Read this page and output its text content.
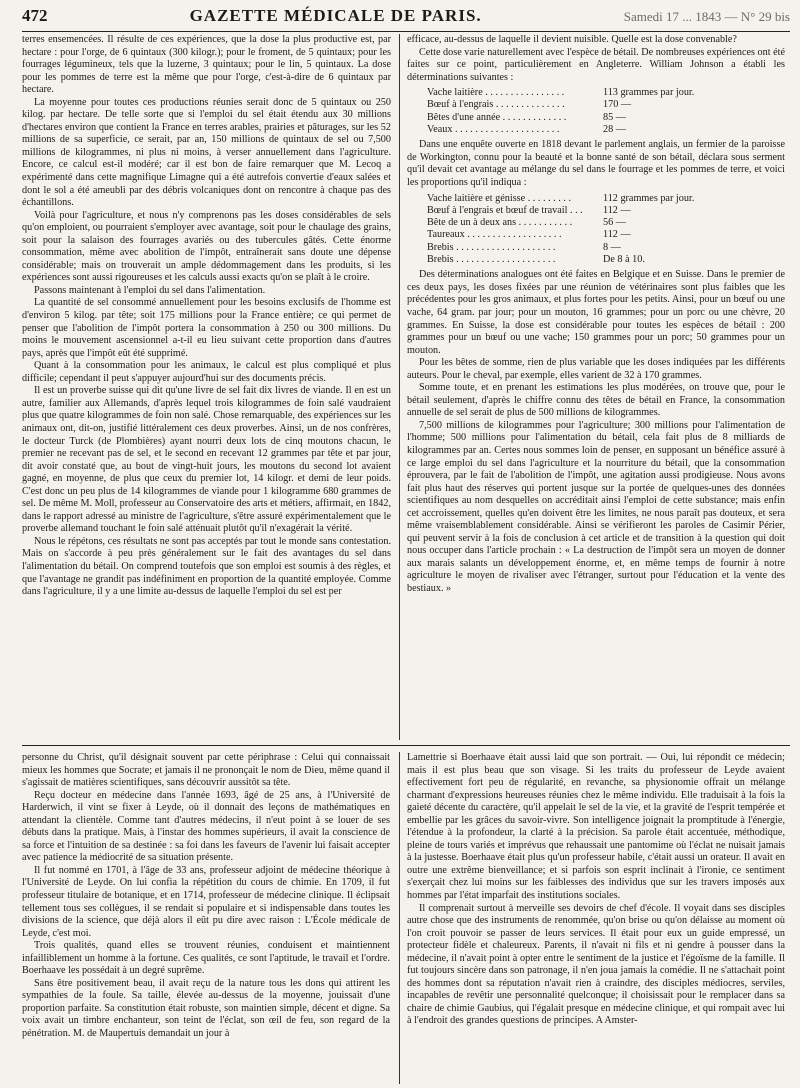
472	GAZETTE MÉDICALE DE PARIS.	Samedi 17 ... 1843 — N° 29 bis

terres ensemencées. Il résulte de ces expériences, que la dose la plus productive est, par hectare : pour l'orge, de 6 quintaux (300 kilogr.); pour le froment, de 5 quintaux; pour les fourrages légumineux, tels que la luzerne, 3 quintaux; pour le lin, 5 quintaux. La dose pour les pommes de terre est la même que pour l'orge, c'est-à-dire de 6 quintaux par hectare.

La moyenne pour toutes ces productions réunies serait donc de 5 quintaux ou 250 kilog. par hectare. De telle sorte que si l'emploi du sel était étendu aux 30 millions d'hectares environ que contient la France en terres arables, prairies et pâturages, sur les 52 millions de sa superficie, ce serait, par an, 150 millions de quintaux de sel ou 7,500 millions de kilogrammes, ni plus ni moins, à verser annuellement dans l'agriculture. Encore, ce calcul est-il modéré; car il est bon de faire remarquer que M. Lecoq a expérimenté dans cette magnifique Limagne qui a été autrefois convertie d'eaux salées et dont le sol a été ameubli par des débris volcaniques dont on rencontre à chaque pas des échantillons.

Voilà pour l'agriculture, et nous n'y comprenons pas les doses considérables de sels qu'on emploient, ou pourraient s'employer avec avantage, soit pour le chaulage des grains, soit pour la salaison des fourrages avariés ou des tubercules gâtés. Cette énorme consommation, même avec abolition de l'impôt, entraînerait sans doute une dépense considérable; mais on trouverait un ample dédommagement dans les produits, si les expériences sont aussi rigoureuses et les calculs aussi exacts qu'on se plaît à le croire.

Passons maintenant à l'emploi du sel dans l'alimentation.

La quantité de sel consommé annuellement pour les besoins exclusifs de l'homme est d'environ 5 kilog. par tête; soit 175 millions pour la France entière; ce qui permet de penser que l'abolition de l'impôt portera la consommation à 250 ou 300 millions. Du moins le mouvement ascensionnel a-t-il eu lieu suivant cette proportion dans d'autres pays, après que l'impôt eût été supprimé.

Quant à la consommation pour les animaux, le calcul est plus compliqué et plus difficile; cependant il peut s'appuyer aujourd'hui sur des documents précis.

Il est un proverbe suisse qui dit qu'une livre de sel fait dix livres de viande. Il en est un autre, familier aux Allemands, d'après lequel trois kilogrammes de foin salé vaudraient plus que quatre kilogrammes de foin non salé. Chose remarquable, des expériences sur les animaux ont, dit-on, justifié littéralement ces deux proverbes. Ainsi, un de nos confrères, le docteur Turck (de Plombières) ayant nourri deux lots de cinq moutons chacun, le premier ne recevant pas de sel, et le second en recevant 12 grammes par tête et par jour, dit avoir constaté que, au bout de vingt-huit jours, les moutons du second lot avaient gagné, en moyenne, de plus que ceux du premier lot, 14 kilogr. et demi de leur poids. C'est donc un peu plus de 14 kilogrammes de viande pour 1 kilogramme 680 grammes de sel. De même M. Moll, professeur au Conservatoire des arts et métiers, affirmait, en 1842, dans le rapport adressé au ministre de l'agriculture, s'être assuré expérimentalement que le proverbe allemand touchant le foin salé atténuait plutôt qu'il n'exagérait la vérité.

Nous le répétons, ces résultats ne sont pas acceptés par tout le monde sans contestation. Mais on s'accorde à peu près généralement sur le fait des avantages du sel dans l'alimentation du bétail. On comprend toutefois que son emploi est soumis à des règles, et que l'avantage ne grandit pas indéfiniment en proportion de la quantité employée. Comme dans l'agriculture, il y a une limite au-dessus de laquelle l'emploi du sel est per

efficace, au-dessus de laquelle il devient nuisible. Quelle est la dose convenable?

Cette dose varie naturellement avec l'espèce de bétail. De nombreuses expériences ont été faites sur ce point, particulièrement en Angleterre. William Johnson a établi les déterminations suivantes :

Vache laitière . . . . . . . . . . . . . . . .	113 grammes par jour.
Bœuf à l'engrais . . . . . . . . . . . . . .	170 —
Bêtes d'une année . . . . . . . . . . . . .	85 —
Veaux . . . . . . . . . . . . . . . . . . . . .	28 —

Dans une enquête ouverte en 1818 devant le parlement anglais, un fermier de la paroisse de Workington, connu pour la beauté et la bonne santé de son bétail, déclara sous serment qu'il devait cet avantage au mélange du sel dans le fourrage et les pommes de terre, et voici les proportions qu'il indiqua :

Vache laitière et génisse . . . . . . . . .	112 grammes par jour.
Bœuf à l'engrais et bœuf de travail . . .	112 —
Bête de un à deux ans . . . . . . . . . . .	56 —
Taureaux . . . . . . . . . . . . . . . . . . .	112 —
Brebis . . . . . . . . . . . . . . . . . . . .	8 —
Brebis . . . . . . . . . . . . . . . . . . . .	De 8 à 10.

Des déterminations analogues ont été faites en Belgique et en Suisse. Dans le premier de ces deux pays, les doses fixées par une réunion de vétérinaires sont plus faibles que les précédentes pour les gros animaux, et plus fortes pour les petits. Ainsi, pour un bœuf ou une vache, 64 gram. par jour; pour un mouton, 16 grammes; pour un porc ou une chèvre, 20 grammes. En Suisse, la dose est considérable pour toutes les espèces de bétail : 200 grammes pour un bœuf ou une vache; 150 grammes pour un porc; 50 grammes pour un mouton.

Pour les bêtes de somme, rien de plus variable que les doses indiquées par les différents auteurs. Pour le cheval, par exemple, elles varient de 32 à 170 grammes.

Somme toute, et en prenant les estimations les plus modérées, on trouve que, pour le bétail seulement, d'après le chiffre connu des têtes de bétail en France, la consommation annuelle de sel serait de plus de 500 millions de kilogrammes.

7,500 millions de kilogrammes pour l'agriculture; 300 millions pour l'alimentation de l'homme; 500 millions pour l'alimentation du bétail, cela fait plus de 8 milliards de kilogrammes par an. Certes nous sommes loin de penser, en supposant un bénéfice assuré à ce large emploi du sel dans l'agriculture et la nourriture du bétail, que la consommation éprouvera, par le fait de l'abolition de l'impôt, une agitation aussi prodigieuse. Nous avons fait plus haut des réserves qui portent jusque sur la portée de quelques-unes des données scientifiques au nom desquelles on accréditait ainsi l'emploi de cette substance; mais enfin cet accroissement, quelles qu'en doivent être les limites, ne nous paraît pas douteux, et sera même vraisemblablement considérable. Ainsi se vérifieront les paroles de Casimir Périer, qui peuvent servir à la fois de conclusion à cet article et de transition à la question qui doit nous occuper dans l'article prochain : « La destruction de l'impôt sera un moyen de donner aux marais salants un développement énorme, et, en même temps de fournir à notre agriculture le moyen de rivaliser avec l'étranger, surtout pour l'éducation et la vente des bestiaux. »

personne du Christ, qu'il désignait souvent par cette périphrase : Celui qui connaissait mieux les hommes que Socrate; et jamais il ne prononçait le nom de Dieu, même quand il s'agissait de matières scientifiques, sans découvrir aussitôt sa tête.

Reçu docteur en médecine dans l'année 1693, âgé de 25 ans, à l'Université de Harderwich, il vint se fixer à Leyde, où il donnait des leçons de mathématiques en attendant la clientèle. Comme tant d'autres médecins, il n'eut point à se louer de ses débuts dans la pratique. Mais, à l'instar des hommes supérieurs, il avait la conscience de sa force et l'intuition de sa destinée : sa foi dans les faveurs de l'avenir lui faisait accepter avec patience la médiocrité de sa situation présente.

Il fut nommé en 1701, à l'âge de 33 ans, professeur adjoint de médecine théorique à l'Université de Leyde. On lui confia la répétition du cours de chimie. En 1709, il fut professeur titulaire de botanique, et en 1714, professeur de médecine clinique. Il éclipsait tellement tous ses collègues, il se rendait si populaire et si indispensable dans toutes les divisions de la science, que déjà alors il eût pu dire avec raison : L'École médicale de Leyde, c'est moi.

Trois qualités, quand elles se trouvent réunies, conduisent et maintiennent infailliblement un homme à la fortune. Ces qualités, ce sont l'aptitude, le travail et l'ordre. Boerhaave les possédait à un degré suprême.

Sans être positivement beau, il avait reçu de la nature tous les dons qui attirent les sympathies de la foule. Sa taille, élevée au-dessus de la moyenne, jouissait d'une proportion parfaite. Sa constitution était robuste, son maintien simple, décent et digne. Sa voix avait un timbre enchanteur, son teint de l'éclat, son œil de feu, son regard de la pénétration. M. de Maupertuis demandait un jour à

Lamettrie si Boerhaave était aussi laid que son portrait. — Oui, lui répondit ce médecin; mais il est plus beau que son visage. Si les traits du professeur de Leyde avaient effectivement fort peu de régularité, en revanche, sa physionomie offrait un mélange charmant d'expressions heureuses réunies chez le même individu. Elle traduisait à la fois la gaieté décente du caractère, qu'il appelait le sel de la vie, et la gravité de l'esprit tempérée et embellie par les grâces du savoir-vivre. Son intelligence joignait la promptitude à l'énergie, l'étendue à la profondeur, la clarté à la précision. Sa parole était accentuée, méthodique, pleine de tours variés et imprévus que rehaussait une pantomime où l'éclat ne nuisait jamais à la justesse. Boerhaave était plus qu'un professeur habile, c'était aussi un orateur. Il avait en outre une extrême bienveillance; et si parfois son esprit inclinait à l'ironie, ce sentiment s'exerçait chez lui moins sur les faiblesses des individus que sur les travers imposés aux hommes par l'état imparfait des institutions sociales.

Il comprenait surtout à merveille ses devoirs de chef d'école. Il voyait dans ses disciples autre chose que des instruments de renommée, qu'on brise ou qu'on délaisse au moment où l'on croit pouvoir se passer de leurs services. Il était pour eux un guide empressé, un protecteur fidèle et chaleureux. Parents, il n'avait ni fils et ni gendre à pousser dans la médecine, il n'avait point à opter entre le sentiment de la justice et l'égoïsme de la famille. Il fut toujours sincère dans son patronage, il n'en joua jamais la comédie. Il ne s'attachait point des hommes dont sa réputation n'avait rien à craindre, des disciples médiocres, serviles, incapables de revêtir une personnalité quelconque; il choisissait pour le remplacer dans sa chaire de chimie Gaubius, qui l'égalait presque en médecine clinique, et qui rompait avec lui à l'endroit des grandes questions de principes. A Amster-
